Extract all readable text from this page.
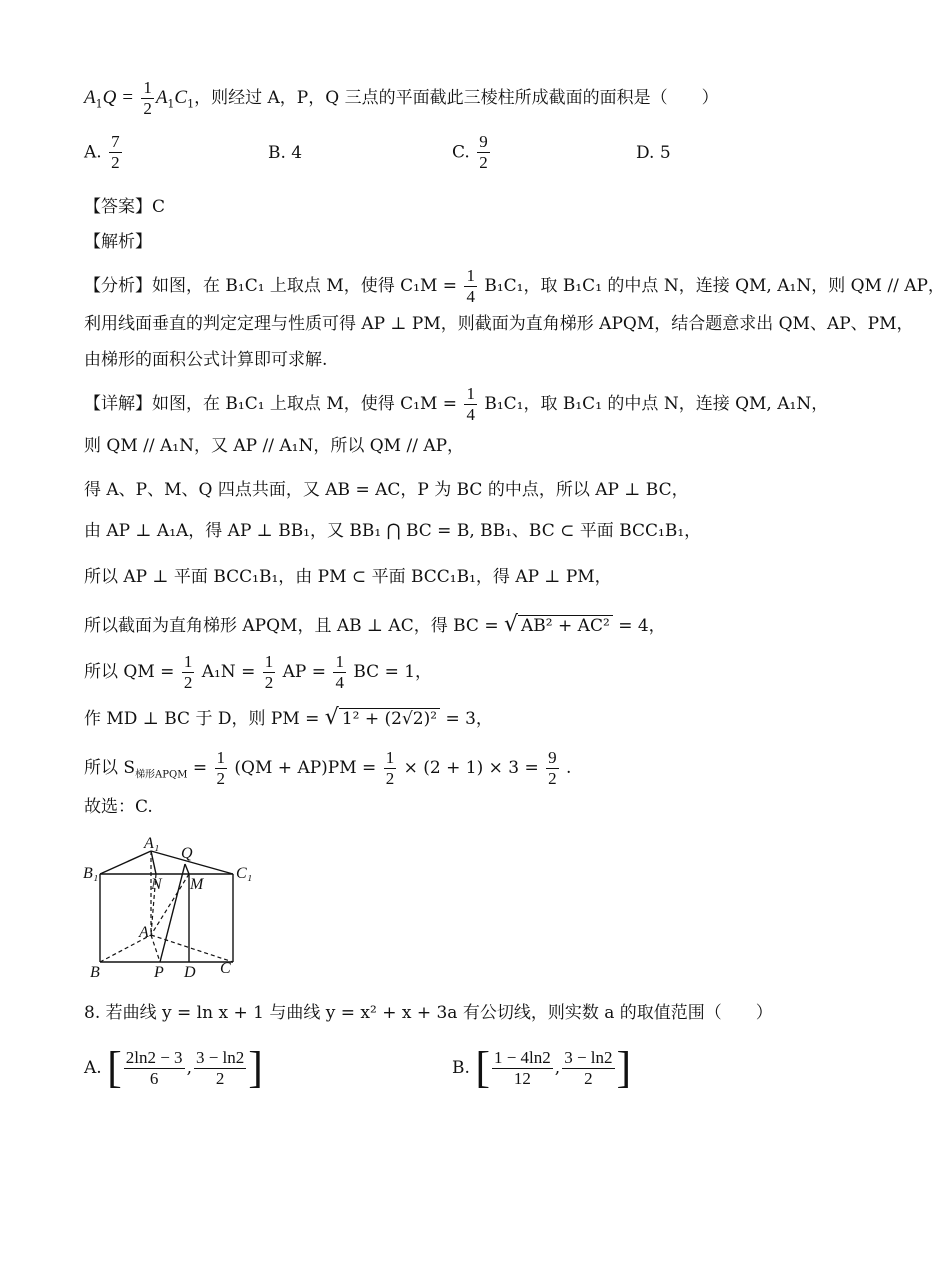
$A_1Q = \frac{1}{2} A_1C_1$，则经过 A，P，Q 三点的平面截此三棱柱所成截面的面积是（　　）
A. $\frac{7}{2}$	B. 4	C. $\frac{9}{2}$	D. 5
【答案】C
【解析】
【分析】如图，在 B₁C₁ 上取点 M，使得 $C_1M = \frac{1}{4} B_1C_1$，取 B₁C₁ 的中点 N，连接 QM, A₁N，则 QM // AP，
利用线面垂直的判定定理与性质可得 AP ⊥ PM，则截面为直角梯形 APQM，结合题意求出 QM、AP、PM，
由梯形的面积公式计算即可求解.
【详解】如图，在 B₁C₁ 上取点 M，使得 $C_1M = \frac{1}{4} B_1C_1$，取 B₁C₁ 的中点 N，连接 QM, A₁N，
则 QM // A₁N，又 AP // A₁N，所以 QM // AP，
得 A、P、M、Q 四点共面，又 AB = AC，P 为 BC 的中点，所以 AP ⊥ BC，
由 AP ⊥ A₁A，得 AP ⊥ BB₁，又 BB₁ ⋂ BC = B, BB₁、BC ⊂ 平面 BCC₁B₁，
所以 AP ⊥ 平面 BCC₁B₁，由 PM ⊂ 平面 BCC₁B₁，得 AP ⊥ PM，
所以截面为直角梯形 APQM，且 AB ⊥ AC，得 BC = √ AB² + AC² = 4，
所以 QM = $\frac{1}{2} A_1N = \frac{1}{2}$ AP = $\frac{1}{4}$ BC = 1，
作 MD ⊥ BC 于 D，则 PM = √ 1² + (2√2)² = 3，
所以 $S_{梯形APQM} = \frac{1}{2} (QM + AP)PM = \frac{1}{2} \times (2 + 1) \times 3 = \frac{9}{2}$ .
故选：C.
A₁
Q
B₁	C₁
N M
A
B	P D C
8. 若曲线 y = ln x + 1 与曲线 y = x² + x + 3a 有公切线，则实数 a 的取值范围（　　）
A. [ $\frac{2\ln 2 - 3}{6}$ , $\frac{3 - \ln 2}{2}$ ]	B. [ $\frac{1 - 4\ln 2}{12}$ , $\frac{3 - \ln 2}{2}$ ]
